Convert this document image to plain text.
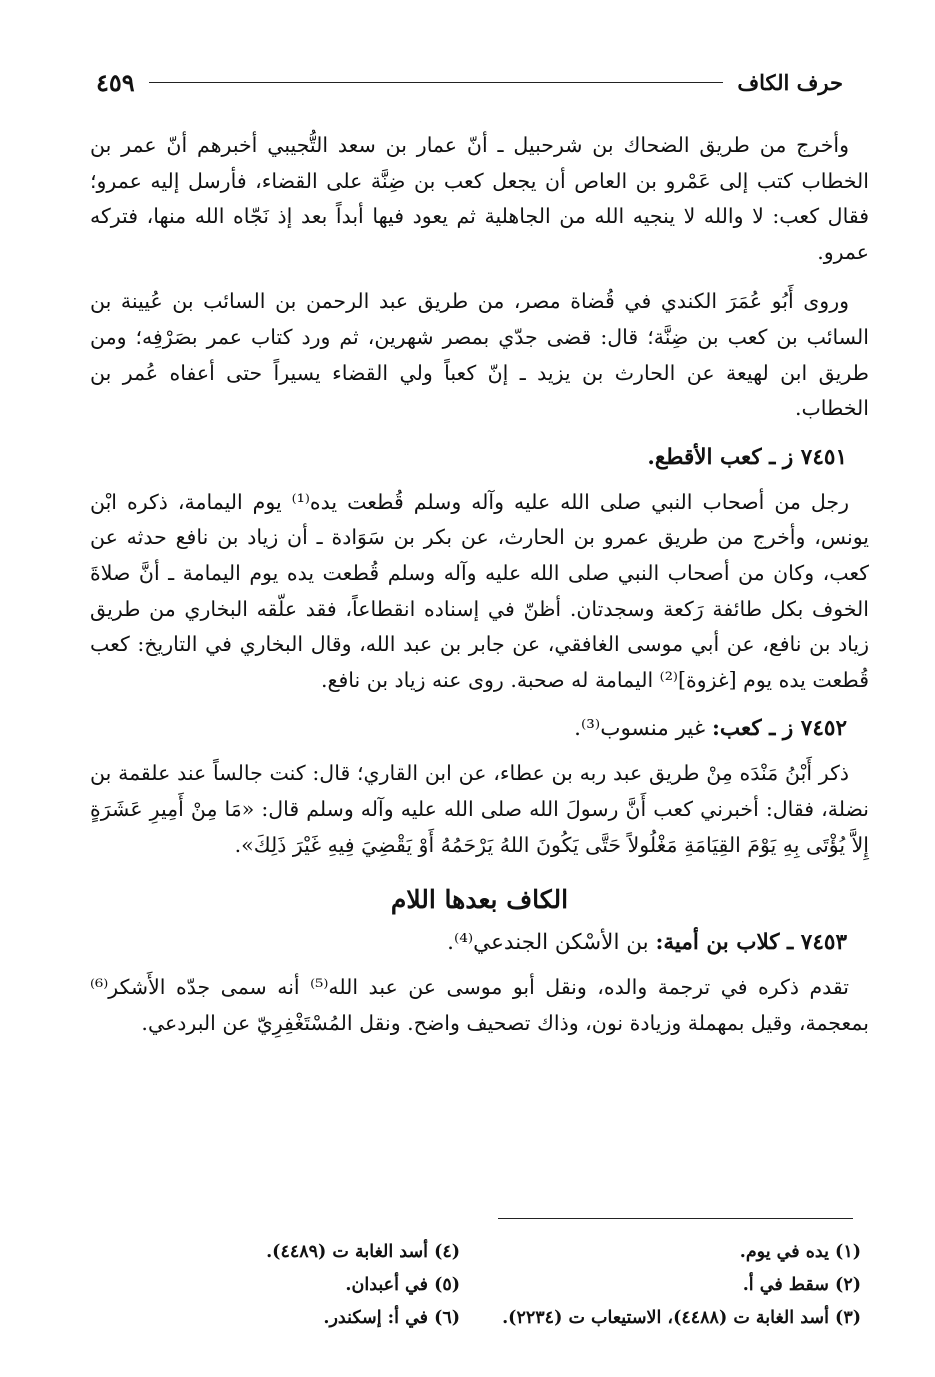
حرف الكاف
٤٥٩

وأخرج من طريق الضحاك بن شرحبيل ـ أنّ عمار بن سعد التُّجيبي أخبرهم أنّ عمر بن الخطاب كتب إلى عَمْرو بن العاص أن يجعل كعب بن ضِنَّة على القضاء، فأرسل إليه عمرو؛ فقال كعب: لا والله لا ينجيه الله من الجاهلية ثم يعود فيها أبداً بعد إذ نَجّاه الله منها، فتركه عمرو.

وروى أَبُو عُمَرَ الكندي في قُضاة مصر، من طريق عبد الرحمن بن السائب بن عُيينة بن السائب بن كعب بن ضِنَّة؛ قال: قضى جدّي بمصر شهرين، ثم ورد كتاب عمر بصَرْفِه؛ ومن طريق ابن لهيعة عن الحارث بن يزيد ـ إنّ كعباً ولي القضاء يسيراً حتى أعفاه عُمر بن الخطاب.

٧٤٥١ ز ـ كعب الأقطع.

رجل من أصحاب النبي صلى الله عليه وآله وسلم قُطعت يده⁽¹⁾ يوم اليمامة، ذكره ابْن يونس، وأخرج من طريق عمرو بن الحارث، عن بكر بن سَوَادة ـ أن زياد بن نافع حدثه عن كعب، وكان من أصحاب النبي صلى الله عليه وآله وسلم قُطعت يده يوم اليمامة ـ أنَّ صلاةَ الخوف بكل طائفة رَكعة وسجدتان. أظنّ في إسناده انقطاعاً، فقد علّقه البخاري من طريق زياد بن نافع، عن أبي موسى الغافقي، عن جابر بن عبد الله، وقال البخاري في التاريخ: كعب قُطعت يده يوم [غزوة]⁽²⁾ اليمامة له صحبة. روى عنه زياد بن نافع.

٧٤٥٢ ز ـ كعب: غير منسوب⁽³⁾.

ذكر أَبْنُ مَنْدَه مِنْ طريق عبد ربه بن عطاء، عن ابن القاري؛ قال: كنت جالساً عند علقمة بن نضلة، فقال: أخبرني كعب أَنَّ رسولَ الله صلى الله عليه وآله وسلم قال: «مَا مِنْ أَمِيرِ عَشَرَةٍ إِلاَّ يُؤْتَى بِهِ يَوْمَ القِيَامَةِ مَغْلُولاً حَتَّى يَكُونَ اللهُ يَرْحَمُهُ أَوْ يَقْضِيَ فِيهِ غَيْرَ ذَلِكَ».

الكاف بعدها اللام
٧٤٥٣ ـ كلاب بن أمية: بن الأسْكن الجندعي⁽⁴⁾.

تقدم ذكره في ترجمة والده، ونقل أبو موسى عن عبد الله⁽⁵⁾ أنه سمى جدّه الأَشكر⁽⁶⁾ بمعجمة، وقيل بمهملة وزيادة نون، وذاك تصحيف واضح. ونقل المُسْتَغْفِرِيّ عن البردعي.

(١) يده في يوم.
(٢) سقط في أ.
(٣) أسد الغابة ت (٤٤٨٨)، الاستيعاب ت (٢٢٣٤).
(٤) أسد الغابة ت (٤٤٨٩).
(٥) في أعبدان.
(٦) في أ: إسكندر.
